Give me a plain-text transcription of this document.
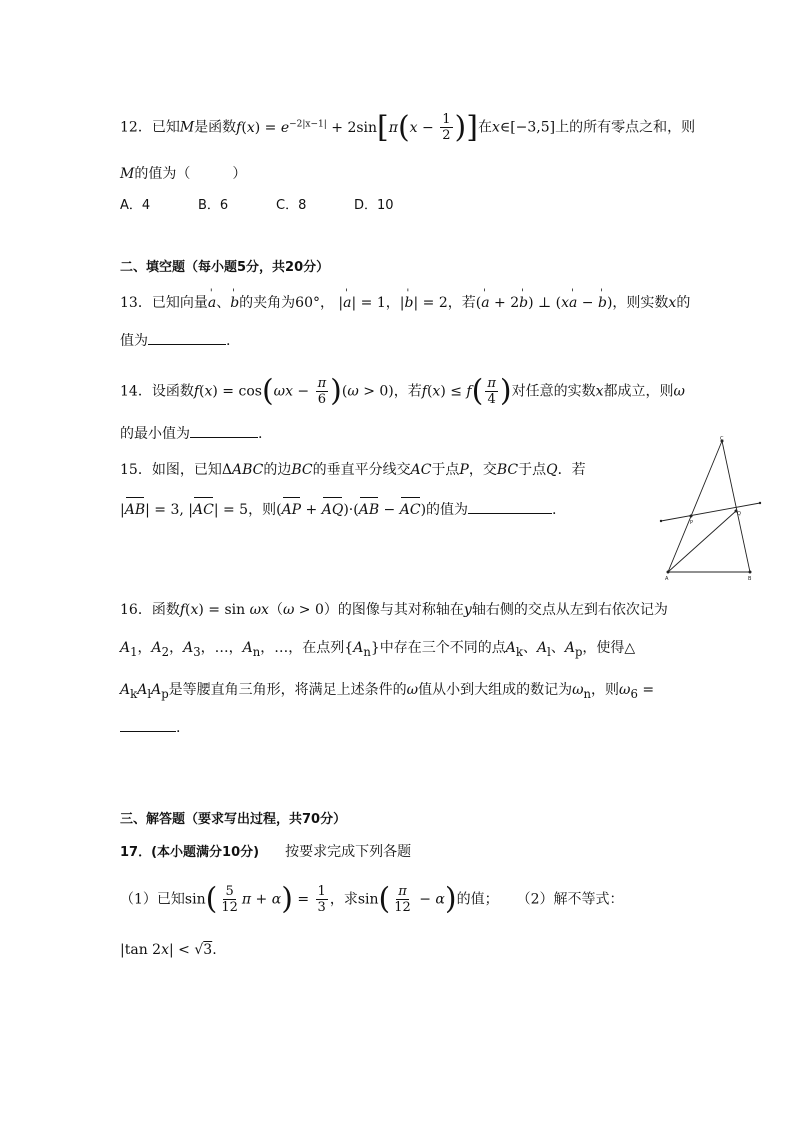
12．已知M是函数$f(x) = e^{-2|x-1|} + 2\sin[\pi(x - \frac{1}{2}$ )]在x∈[−3,5]上的所有零点之和，则
M的值为（	）
A．4	B．6	C．8	D．10
二、填空题（每小题5分，共20分）
13．已知向量' a、' b的夹角为60°， |' a| = 1，|' b| = 2，若(' a + 2' b) ⊥ (x' a − ' b)，则实数x的
值为	.
14．设函数$f(x) = \cos(\omega x - \frac{\pi}{6} )(\omega > 0)$，若$f(x) \le f( \frac{\pi}{4}$ )对任意的实数x都成立，则ω
的最小值为	.
15．如图，已知ΔABC的边BC的垂直平分线交AC于点P，交BC于点Q．若
|AB| = 3, |AC| = 5，则(AP + AQ)·(AB − AC)的值为	.
A	B
C
P
Q
16．函数f(x) = sin ωx（ω > 0）的图像与其对称轴在y轴右侧的交点从左到右依次记为
$A_1$，$A_2$，$A_3$，…，$A_n$，…，在点列$\{A_n\}$中存在三个不同的点$A_k$、$A_l$、$A_p$，使得△
$A_kA_lA_p$是等腰直角三角形，将满足上述条件的ω值从小到大组成的数记为$\omega_n$，则$\omega_6$ =
.
三、解答题（要求写出过程，共70分）
17．(本小题满分10分) 按要求完成下列各题
（1）已知$\sin( \frac{5}{12}$ $\pi + \alpha) = \frac{1}{3}$ ，求$\sin( \frac{\pi}{12} - \alpha)$的值； （2）解不等式：
|tan 2x| < √3.
